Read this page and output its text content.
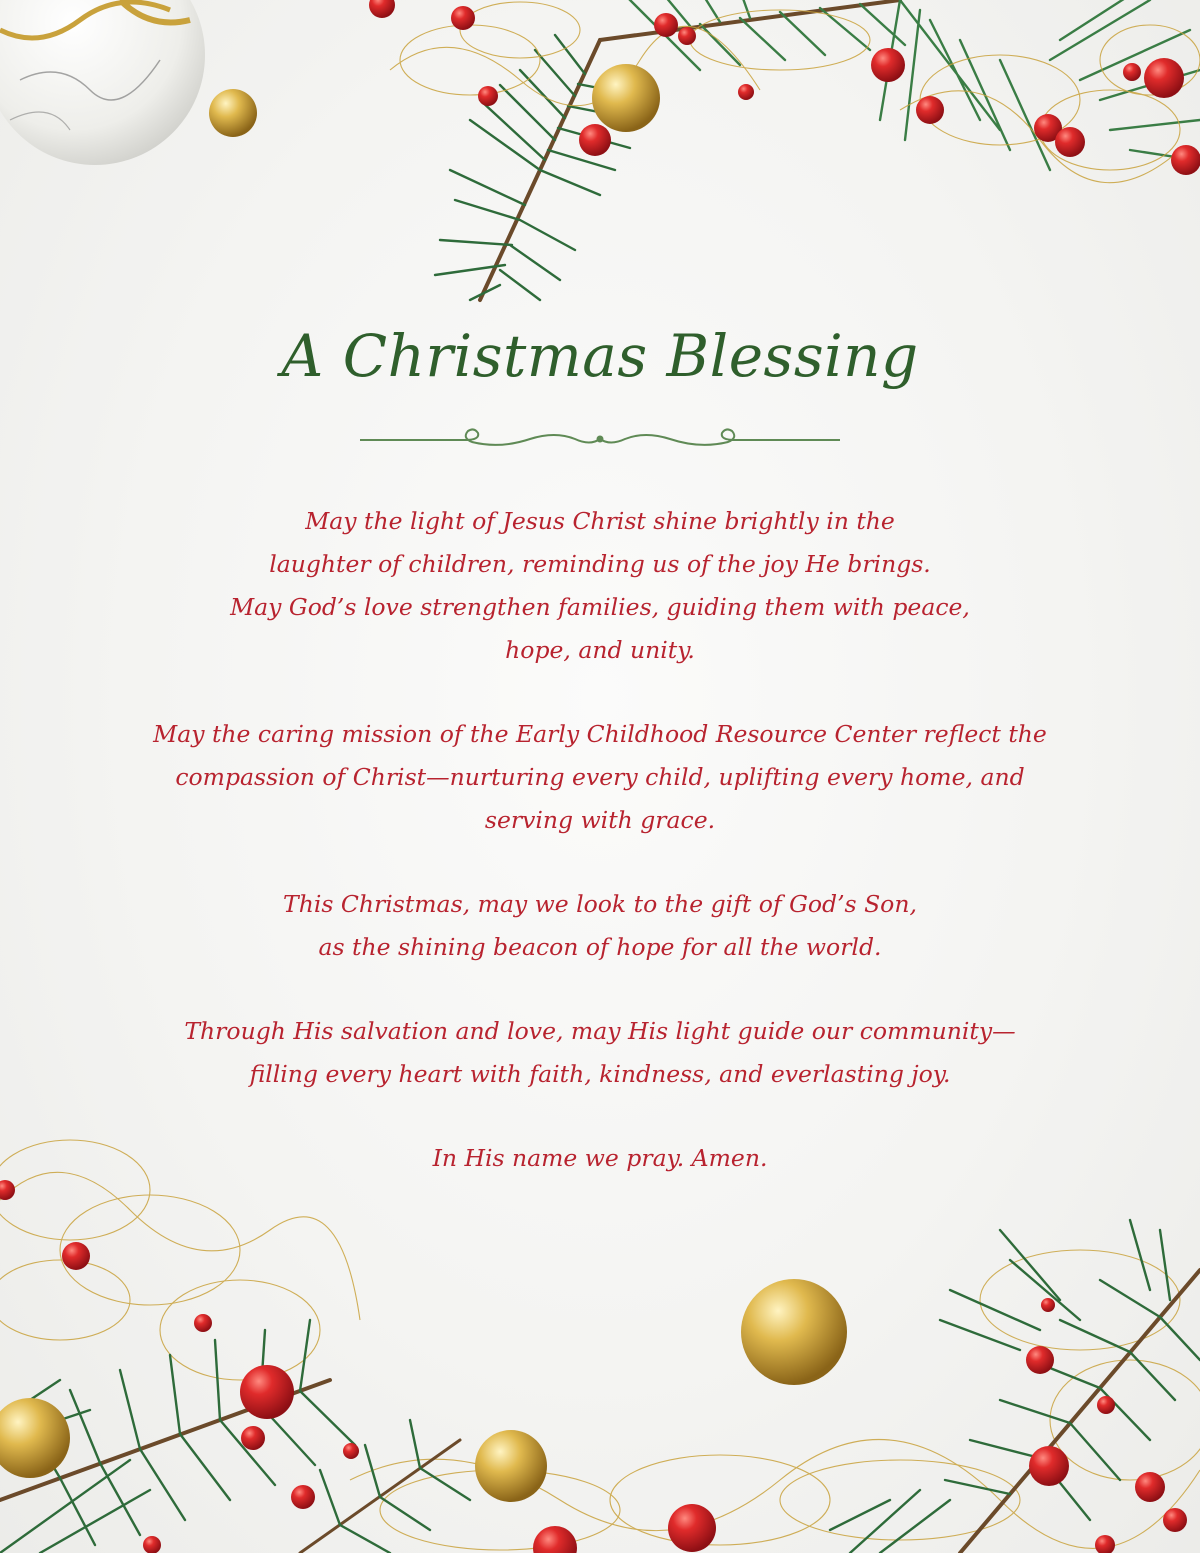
A Christmas Blessing

May the light of Jesus Christ shine brightly in the
laughter of children, reminding us of the joy He brings.
May God’s love strengthen families, guiding them with peace,
hope, and unity.

May the caring mission of the Early Childhood Resource Center reflect the
compassion of Christ—nurturing every child, uplifting every home, and
serving with grace.

This Christmas, may we look to the gift of God’s Son,
as the shining beacon of hope for all the world.

Through His salvation and love, may His light guide our community—
filling every heart with faith, kindness, and everlasting joy.

In His name we pray. Amen.
